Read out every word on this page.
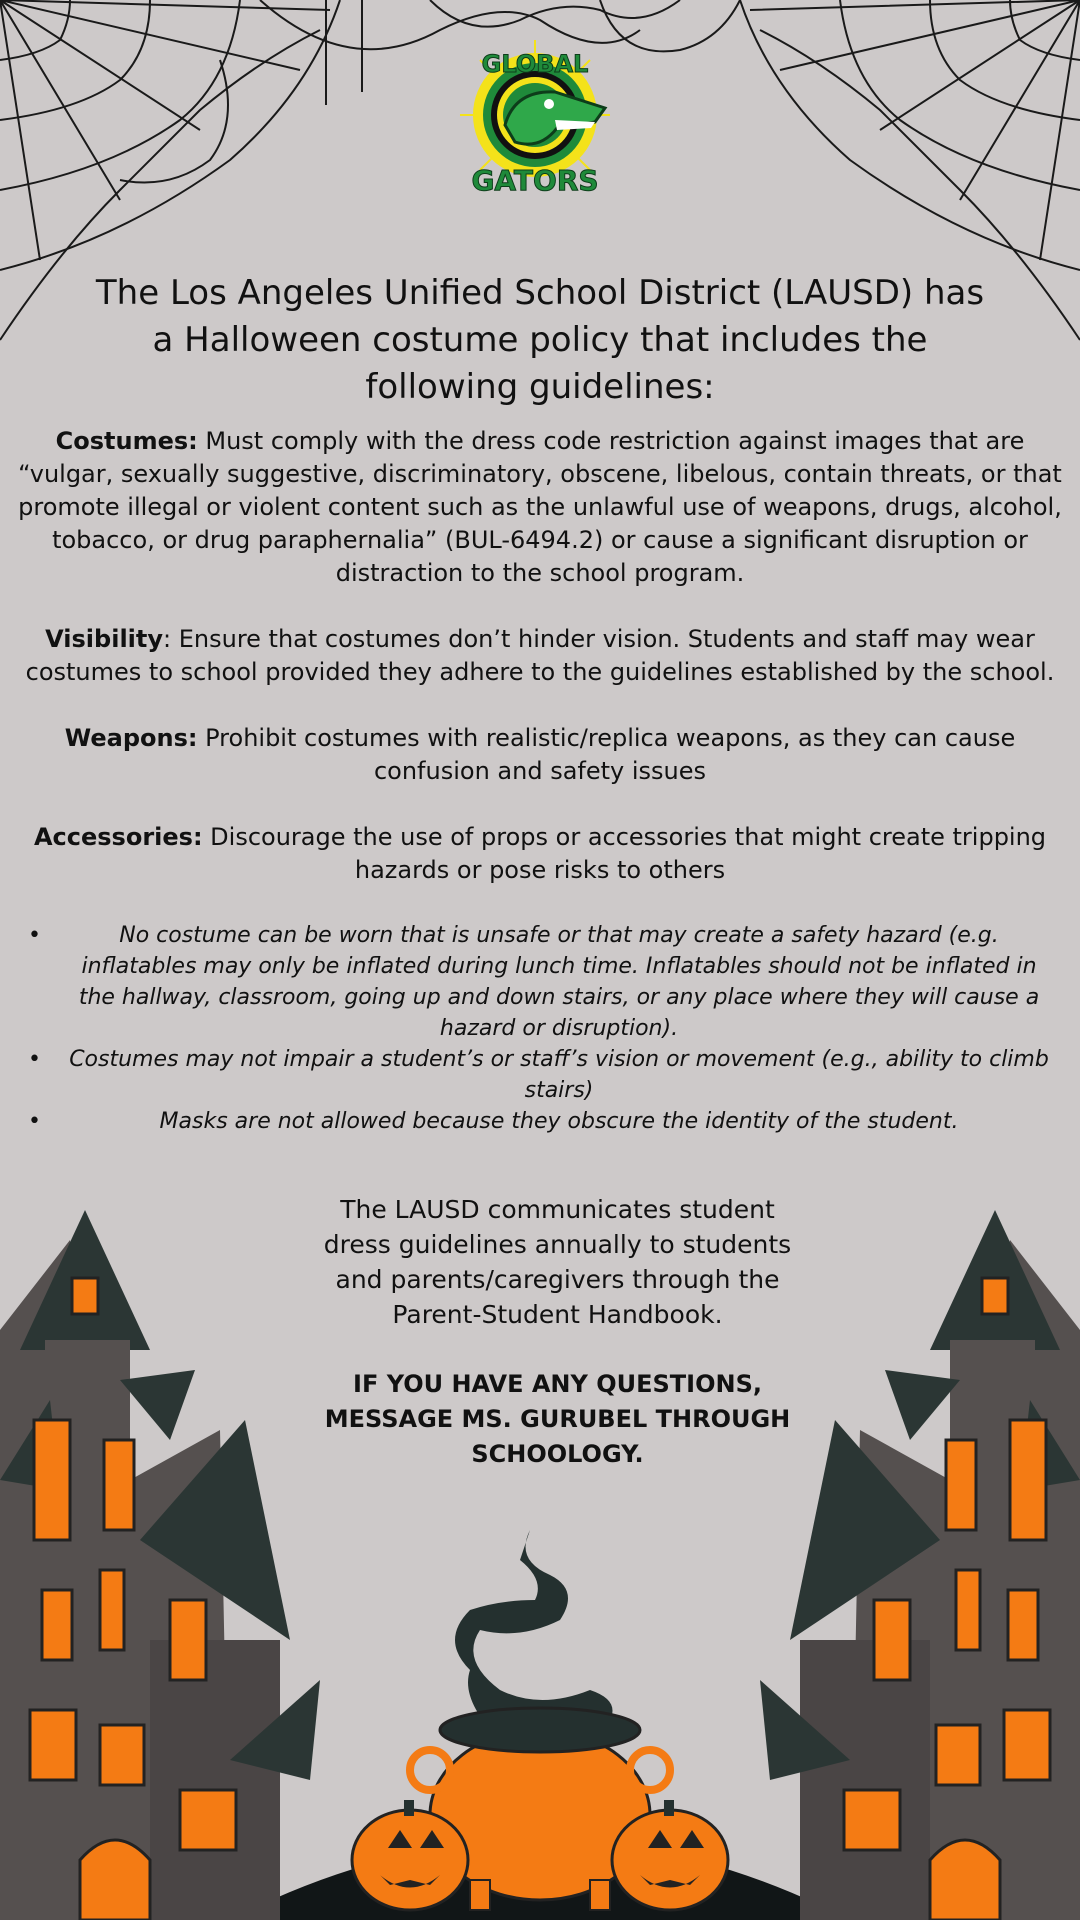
GLOBAL
GATORS
The Los Angeles Unified School District (LAUSD) has a Halloween costume policy that includes the following guidelines:

Costumes: Must comply with the dress code restriction against images that are “vulgar, sexually suggestive, discriminatory, obscene, libelous, contain threats, or that promote illegal or violent content such as the unlawful use of weapons, drugs, alcohol, tobacco, or drug paraphernalia” (BUL-6494.2) or cause a significant disruption or distraction to the school program.

Visibility: Ensure that costumes don’t hinder vision. Students and staff may wear costumes to school provided they adhere to the guidelines established by the school.

Weapons: Prohibit costumes with realistic/replica weapons, as they can cause confusion and safety issues

Accessories: Discourage the use of props or accessories that might create tripping hazards or pose risks to others

•	No costume can be worn that is unsafe or that may create a safety hazard (e.g. inflatables may only be inflated during lunch time. Inflatables should not be inflated in the hallway, classroom, going up and down stairs, or any place where they will cause a hazard or disruption).
• Costumes may not impair a student’s or staff’s vision or movement (e.g., ability to climb stairs)
•	Masks are not allowed because they obscure the identity of the student.

The LAUSD communicates student dress guidelines annually to students and parents/caregivers through the Parent-Student Handbook.

IF YOU HAVE ANY QUESTIONS, MESSAGE MS. GURUBEL THROUGH SCHOOLOGY.
